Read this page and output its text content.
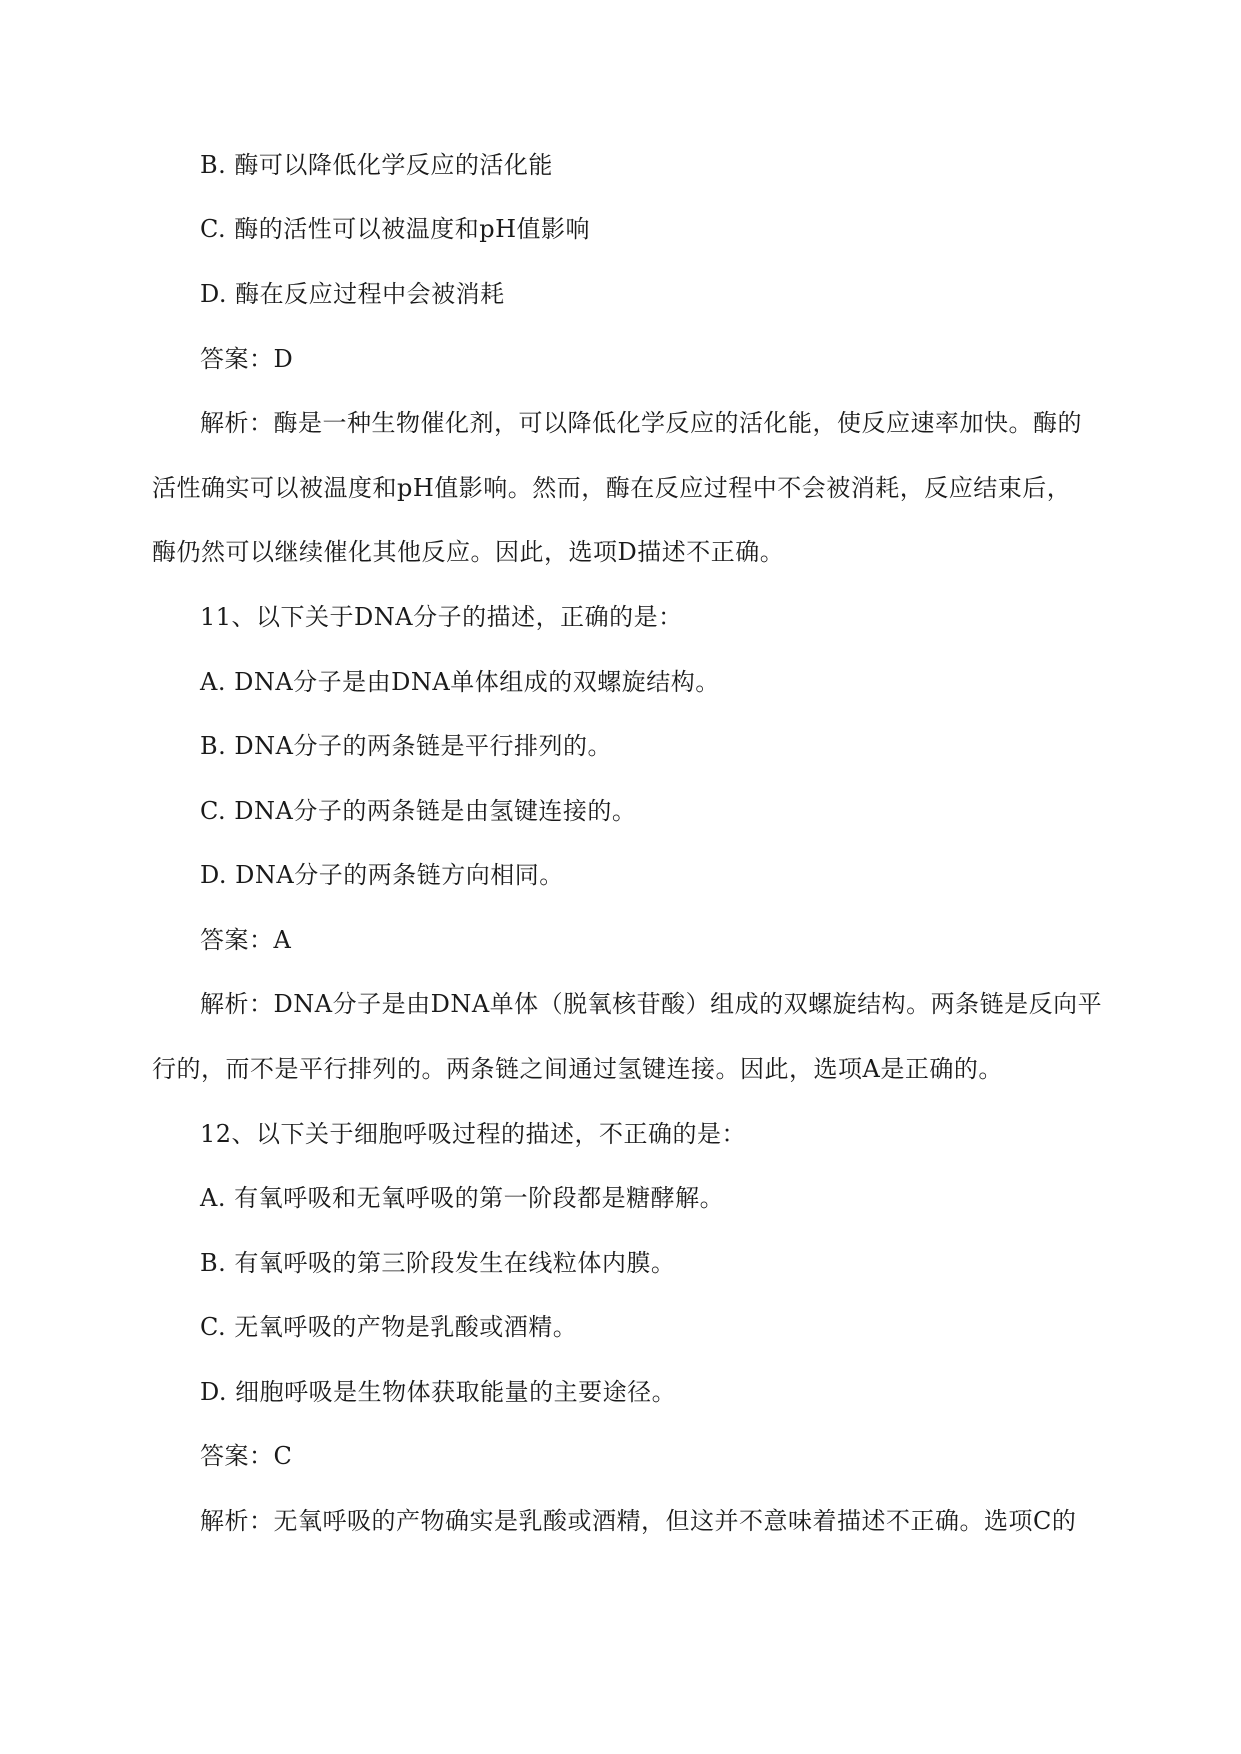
B. 酶可以降低化学反应的活化能
C. 酶的活性可以被温度和pH值影响
D. 酶在反应过程中会被消耗
答案：D
解析：酶是一种生物催化剂，可以降低化学反应的活化能，使反应速率加快。酶的
活性确实可以被温度和pH值影响。然而，酶在反应过程中不会被消耗，反应结束后，
酶仍然可以继续催化其他反应。因此，选项D描述不正确。
11、以下关于DNA分子的描述，正确的是：
A. DNA分子是由DNA单体组成的双螺旋结构。
B. DNA分子的两条链是平行排列的。
C. DNA分子的两条链是由氢键连接的。
D. DNA分子的两条链方向相同。
答案：A
解析：DNA分子是由DNA单体（脱氧核苷酸）组成的双螺旋结构。两条链是反向平
行的，而不是平行排列的。两条链之间通过氢键连接。因此，选项A是正确的。
12、以下关于细胞呼吸过程的描述，不正确的是：
A. 有氧呼吸和无氧呼吸的第一阶段都是糖酵解。
B. 有氧呼吸的第三阶段发生在线粒体内膜。
C. 无氧呼吸的产物是乳酸或酒精。
D. 细胞呼吸是生物体获取能量的主要途径。
答案：C
解析：无氧呼吸的产物确实是乳酸或酒精，但这并不意味着描述不正确。选项C的
